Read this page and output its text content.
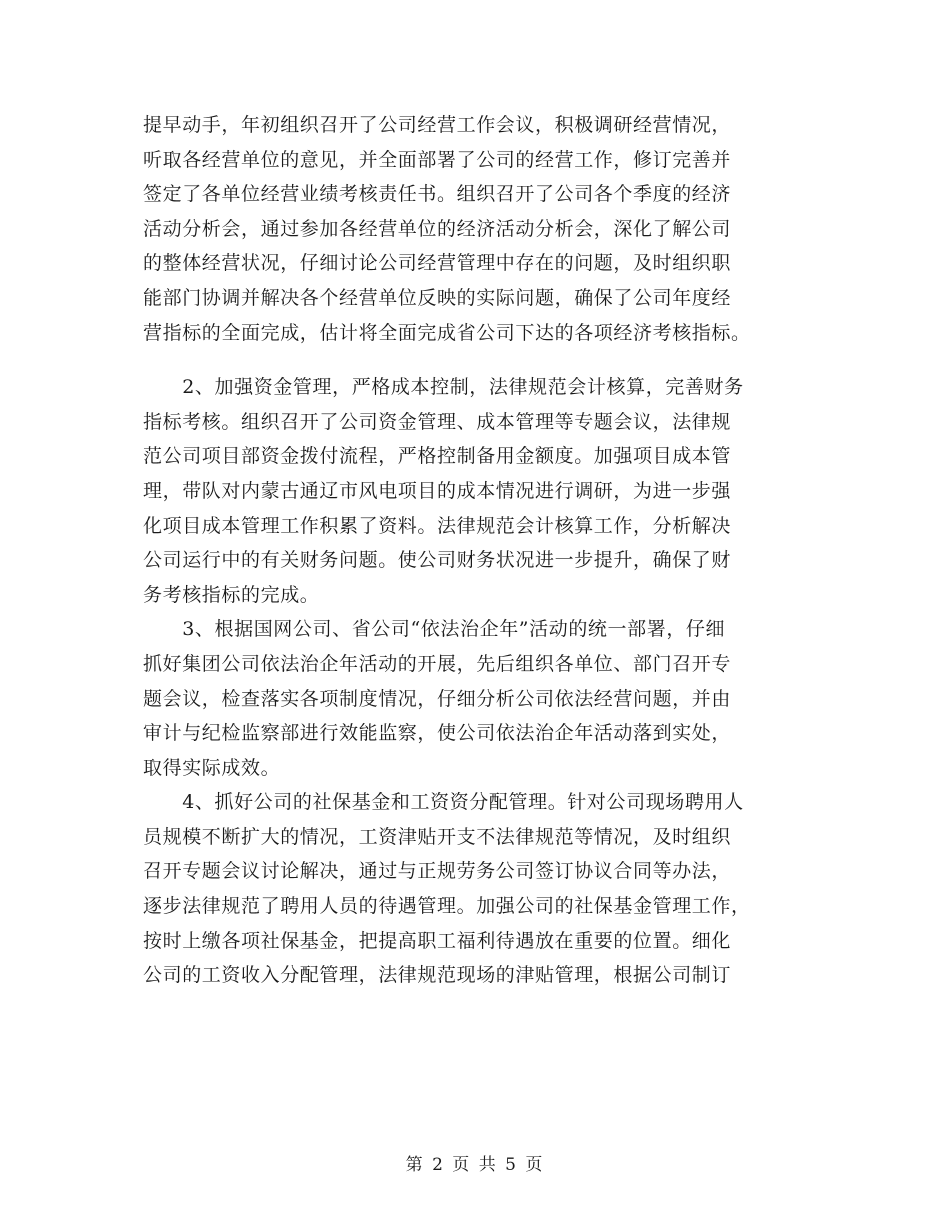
提早动手，年初组织召开了公司经营工作会议，积极调研经营情况，
听取各经营单位的意见，并全面部署了公司的经营工作，修订完善并
签定了各单位经营业绩考核责任书。组织召开了公司各个季度的经济
活动分析会，通过参加各经营单位的经济活动分析会，深化了解公司
的整体经营状况，仔细讨论公司经营管理中存在的问题，及时组织职
能部门协调并解决各个经营单位反映的实际问题，确保了公司年度经
营指标的全面完成，估计将全面完成省公司下达的各项经济考核指标。
　　2、加强资金管理，严格成本控制，法律规范会计核算，完善财务
指标考核。组织召开了公司资金管理、成本管理等专题会议，法律规
范公司项目部资金拨付流程，严格控制备用金额度。加强项目成本管
理，带队对内蒙古通辽市风电项目的成本情况进行调研，为进一步强
化项目成本管理工作积累了资料。法律规范会计核算工作，分析解决
公司运行中的有关财务问题。使公司财务状况进一步提升，确保了财
务考核指标的完成。
　　3、根据国网公司、省公司“依法治企年”活动的统一部署，仔细
抓好集团公司依法治企年活动的开展，先后组织各单位、部门召开专
题会议，检查落实各项制度情况，仔细分析公司依法经营问题，并由
审计与纪检监察部进行效能监察，使公司依法治企年活动落到实处，
取得实际成效。
　　4、抓好公司的社保基金和工资资分配管理。针对公司现场聘用人
员规模不断扩大的情况，工资津贴开支不法律规范等情况，及时组织
召开专题会议讨论解决，通过与正规劳务公司签订协议合同等办法，
逐步法律规范了聘用人员的待遇管理。加强公司的社保基金管理工作，
按时上缴各项社保基金，把提高职工福利待遇放在重要的位置。细化
公司的工资收入分配管理，法律规范现场的津贴管理，根据公司制订
第 2 页 共 5 页
